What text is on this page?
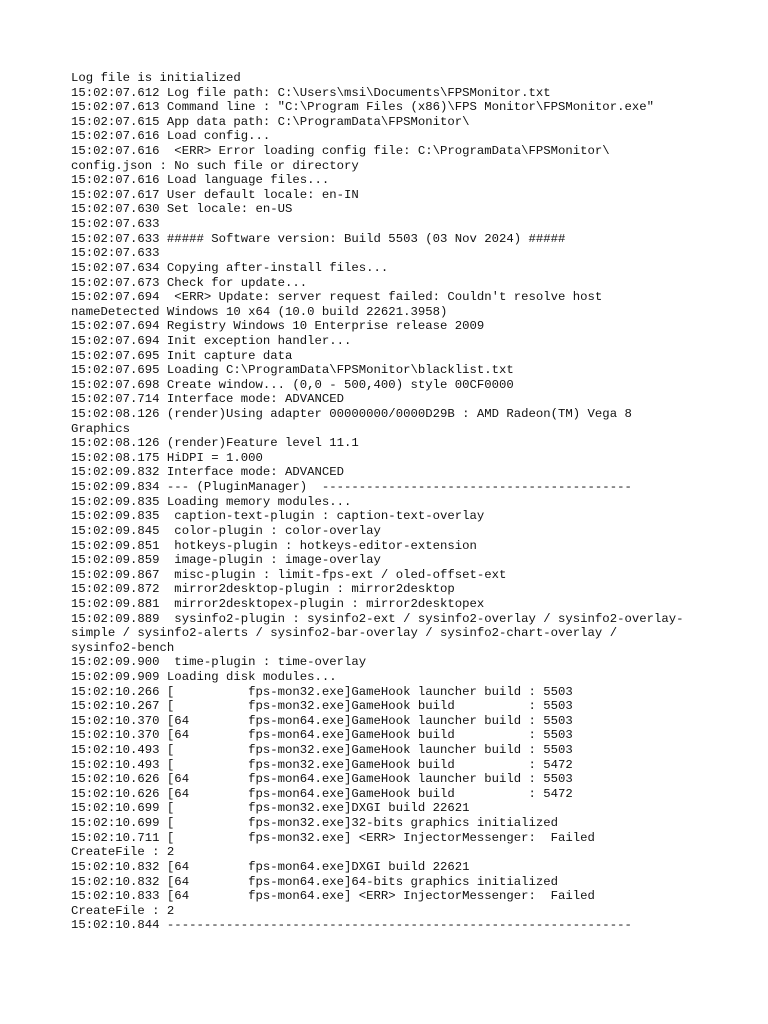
Log file is initialized
15:02:07.612 Log file path: C:\Users\msi\Documents\FPSMonitor.txt
15:02:07.613 Command line : "C:\Program Files (x86)\FPS Monitor\FPSMonitor.exe"
15:02:07.615 App data path: C:\ProgramData\FPSMonitor\
15:02:07.616 Load config...
15:02:07.616  <ERR> Error loading config file: C:\ProgramData\FPSMonitor\
config.json : No such file or directory
15:02:07.616 Load language files...
15:02:07.617 User default locale: en-IN
15:02:07.630 Set locale: en-US
15:02:07.633
15:02:07.633 ##### Software version: Build 5503 (03 Nov 2024) #####
15:02:07.633
15:02:07.634 Copying after-install files...
15:02:07.673 Check for update...
15:02:07.694  <ERR> Update: server request failed: Couldn't resolve host
nameDetected Windows 10 x64 (10.0 build 22621.3958)
15:02:07.694 Registry Windows 10 Enterprise release 2009
15:02:07.694 Init exception handler...
15:02:07.695 Init capture data
15:02:07.695 Loading C:\ProgramData\FPSMonitor\blacklist.txt
15:02:07.698 Create window... (0,0 - 500,400) style 00CF0000
15:02:07.714 Interface mode: ADVANCED
15:02:08.126 (render)Using adapter 00000000/0000D29B : AMD Radeon(TM) Vega 8
Graphics
15:02:08.126 (render)Feature level 11.1
15:02:08.175 HiDPI = 1.000
15:02:09.832 Interface mode: ADVANCED
15:02:09.834 --- (PluginManager)  ------------------------------------------
15:02:09.835 Loading memory modules...
15:02:09.835  caption-text-plugin : caption-text-overlay
15:02:09.845  color-plugin : color-overlay
15:02:09.851  hotkeys-plugin : hotkeys-editor-extension
15:02:09.859  image-plugin : image-overlay
15:02:09.867  misc-plugin : limit-fps-ext / oled-offset-ext
15:02:09.872  mirror2desktop-plugin : mirror2desktop
15:02:09.881  mirror2desktopex-plugin : mirror2desktopex
15:02:09.889  sysinfo2-plugin : sysinfo2-ext / sysinfo2-overlay / sysinfo2-overlay-
simple / sysinfo2-alerts / sysinfo2-bar-overlay / sysinfo2-chart-overlay /
sysinfo2-bench
15:02:09.900  time-plugin : time-overlay
15:02:09.909 Loading disk modules...
15:02:10.266 [          fps-mon32.exe]GameHook launcher build : 5503
15:02:10.267 [          fps-mon32.exe]GameHook build          : 5503
15:02:10.370 [64        fps-mon64.exe]GameHook launcher build : 5503
15:02:10.370 [64        fps-mon64.exe]GameHook build          : 5503
15:02:10.493 [          fps-mon32.exe]GameHook launcher build : 5503
15:02:10.493 [          fps-mon32.exe]GameHook build          : 5472
15:02:10.626 [64        fps-mon64.exe]GameHook launcher build : 5503
15:02:10.626 [64        fps-mon64.exe]GameHook build          : 5472
15:02:10.699 [          fps-mon32.exe]DXGI build 22621
15:02:10.699 [          fps-mon32.exe]32-bits graphics initialized
15:02:10.711 [          fps-mon32.exe] <ERR> InjectorMessenger:  Failed
CreateFile : 2
15:02:10.832 [64        fps-mon64.exe]DXGI build 22621
15:02:10.832 [64        fps-mon64.exe]64-bits graphics initialized
15:02:10.833 [64        fps-mon64.exe] <ERR> InjectorMessenger:  Failed
CreateFile : 2
15:02:10.844 ---------------------------------------------------------------
